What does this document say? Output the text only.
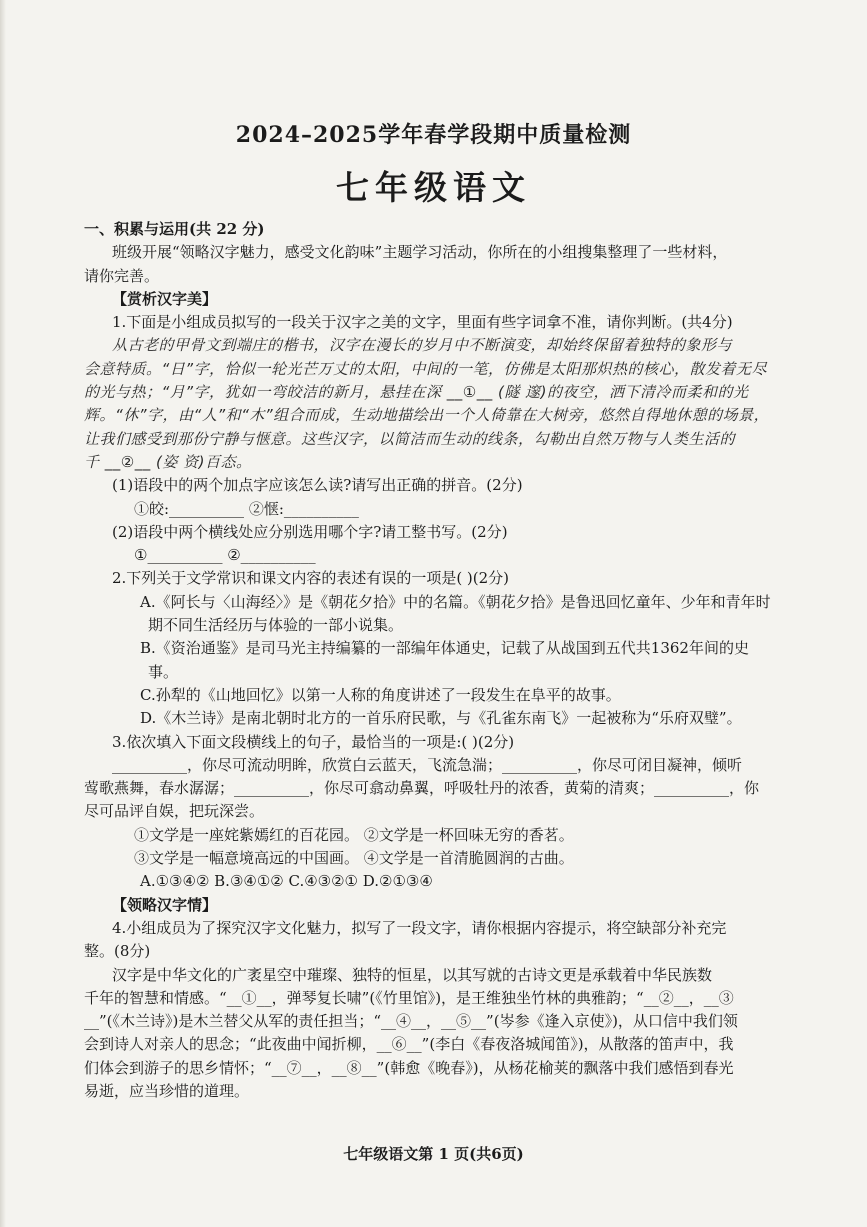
2024–2025学年春学段期中质量检测
七年级语文
一、积累与运用(共 22 分)
班级开展“领略汉字魅力，感受文化韵味”主题学习活动，你所在的小组搜集整理了一些材料，
请你完善。
【赏析汉字美】
1.下面是小组成员拟写的一段关于汉字之美的文字，里面有些字词拿不准，请你判断。(共4分)
从古老的甲骨文到端庄的楷书，汉字在漫长的岁月中不断演变，却始终保留着独特的象形与
会意特质。“日”字，恰似一轮光芒万丈的太阳，中间的一笔，仿佛是太阳那炽热的核心，散发着无尽
的光与热；“月”字，犹如一弯皎洁的新月，悬挂在深 __①__ (隧 邃)的夜空，洒下清冷而柔和的光
辉。“休”字，由“人”和“木”组合而成，生动地描绘出一个人倚靠在大树旁，悠然自得地休憩的场景，
让我们感受到那份宁静与惬意。这些汉字，以简洁而生动的线条，勾勒出自然万物与人类生活的
千 __②__ (姿 资)百态。
(1)语段中的两个加点字应该怎么读?请写出正确的拼音。(2分)
①皎:__________ ②惬:__________
(2)语段中两个横线处应分别选用哪个字?请工整书写。(2分)
①__________ ②__________
2.下列关于文学常识和课文内容的表述有误的一项是( )(2分)
A.《阿长与〈山海经〉》是《朝花夕拾》中的名篇。《朝花夕拾》是鲁迅回忆童年、少年和青年时
期不同生活经历与体验的一部小说集。
B.《资治通鉴》是司马光主持编纂的一部编年体通史，记载了从战国到五代共1362年间的史
事。
C.孙犁的《山地回忆》以第一人称的角度讲述了一段发生在阜平的故事。
D.《木兰诗》是南北朝时北方的一首乐府民歌，与《孔雀东南飞》一起被称为“乐府双璧”。
3.依次填入下面文段横线上的句子，最恰当的一项是:( )(2分)
__________，你尽可流动明眸，欣赏白云蓝天，飞流急湍；__________，你尽可闭目凝神，倾听
莺歌燕舞，春水潺潺；__________，你尽可翕动鼻翼，呼吸牡丹的浓香，黄菊的清爽；__________，你
尽可品评自娱，把玩深尝。
①文学是一座姹紫嫣红的百花园。 ②文学是一杯回味无穷的香茗。
③文学是一幅意境高远的中国画。 ④文学是一首清脆圆润的古曲。
A.①③④② B.③④①② C.④③②① D.②①③④
【领略汉字情】
4.小组成员为了探究汉字文化魅力，拟写了一段文字，请你根据内容提示，将空缺部分补充完
整。(8分)
汉字是中华文化的广袤星空中璀璨、独特的恒星，以其写就的古诗文更是承载着中华民族数
千年的智慧和情感。“__①__，弹琴复长啸”(《竹里馆》)，是王维独坐竹林的典雅韵；“__②__，__③
__”(《木兰诗》)是木兰替父从军的责任担当；“__④__，__⑤__”(岑参《逢入京使》)，从口信中我们领
会到诗人对亲人的思念；“此夜曲中闻折柳，__⑥__”(李白《春夜洛城闻笛》)，从散落的笛声中，我
们体会到游子的思乡情怀；“__⑦__，__⑧__”(韩愈《晚春》)，从杨花榆荚的飘落中我们感悟到春光
易逝，应当珍惜的道理。
七年级语文第 1 页(共6页)
